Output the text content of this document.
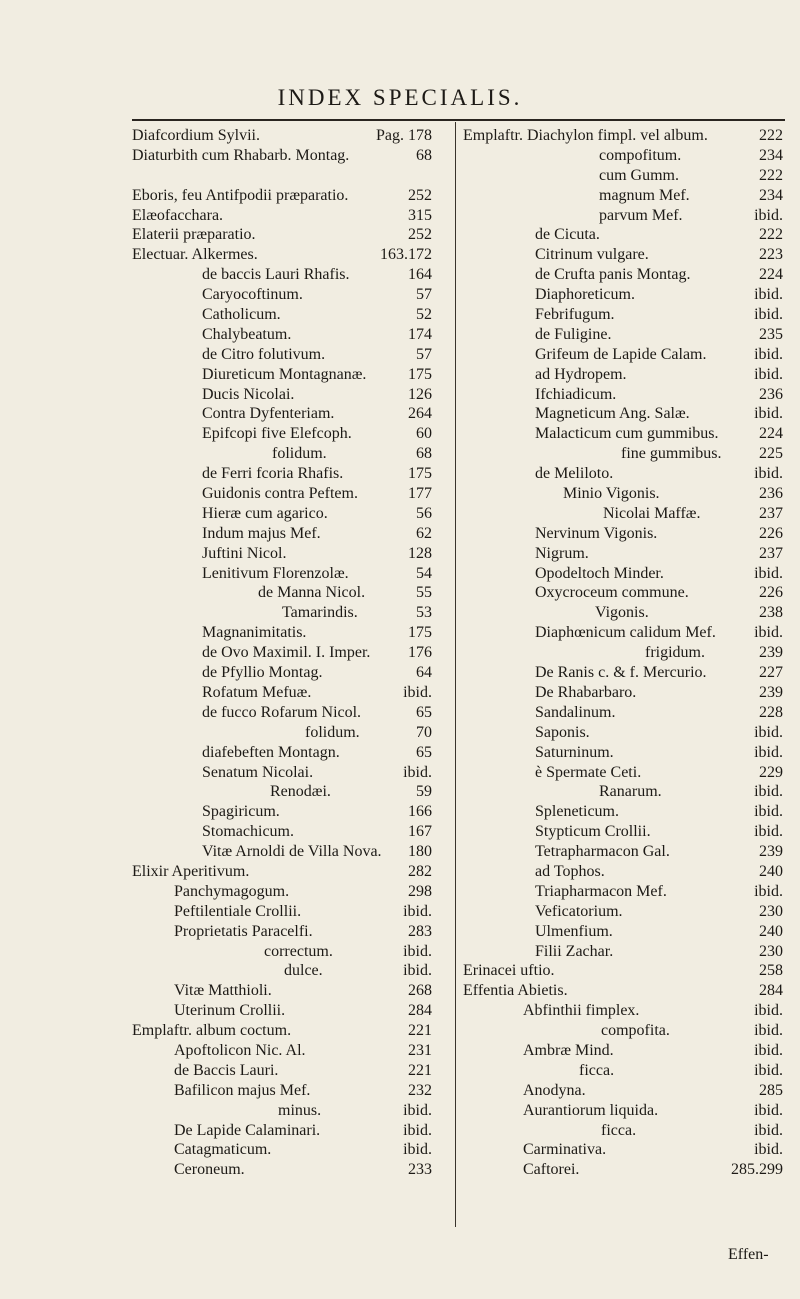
INDEX SPECIALIS.
Diafcordium Sylvii.	Pag. 178
Diaturbith cum Rhabarb. Montag.	68
Eboris, feu Antifpodii præparatio.	252
Elæofacchara.	315
Elaterii præparatio.	252
Electuar. Alkermes.	163.172
de baccis Lauri Rhafis.	164
Caryocoftinum.	57
Catholicum.	52
Chalybeatum.	174
de Citro folutivum.	57
Diureticum Montagnanæ.	175
Ducis Nicolai.	126
Contra Dyfenteriam.	264
Epifcopi five Elefcoph.	60
folidum.	68
de Ferri fcoria Rhafis.	175
Guidonis contra Peftem.	177
Hieræ cum agarico.	56
Indum majus Mef.	62
Juftini Nicol.	128
Lenitivum Florenzolæ.	54
de Manna Nicol.	55
Tamarindis.	53
Magnanimitatis.	175
de Ovo Maximil. I. Imper. 176
de Pfyllio Montag.	64
Rofatum Mefuæ.	ibid.
de fucco Rofarum Nicol.	65
folidum.	70
diafebeften Montagn.	65
Senatum Nicolai.	ibid.
Renodæi.	59
Spagiricum.	166
Stomachicum.	167
Vitæ Arnoldi de Villa Nova. 180
Elixir Aperitivum.	282
Panchymagogum.	298
Peftilentiale Crollii.	ibid.
Proprietatis Paracelfi.	283
correctum.	ibid.
dulce.	ibid.
Vitæ Matthioli.	268
Uterinum Crollii.	284
Emplaftr. album coctum.	221
Apoftolicon Nic. Al.	231
de Baccis Lauri.	221
Bafilicon majus Mef.	232
minus.	ibid.
De Lapide Calaminari.	ibid.
Catagmaticum.	ibid.
Ceroneum.	233
Emplaftr. Diachylon fimpl. vel album.	222
compofitum.	234
cum Gumm.	222
magnum Mef.	234
parvum Mef.	ibid.
de Cicuta.	222
Citrinum vulgare.	223
de Crufta panis Montag.	224
Diaphoreticum.	ibid.
Febrifugum.	ibid.
de Fuligine.	235
Grifeum de Lapide Calam.	ibid.
ad Hydropem.	ibid.
Ifchiadicum.	236
Magneticum Ang. Salæ.	ibid.
Malacticum cum gummibus.	224
fine gummibus. 225
de Meliloto.	ibid.
Minio Vigonis.	236
Nicolai Maffæ.	237
Nervinum Vigonis.	226
Nigrum.	237
Opodeltoch Minder.	ibid.
Oxycroceum commune.	226
Vigonis.	238
Diaphœnicum calidum Mef. ibid.
frigidum.	239
De Ranis c. & f. Mercurio.	227
De Rhabarbaro.	239
Sandalinum.	228
Saponis.	ibid.
Saturninum.	ibid.
è Spermate Ceti.	229
Ranarum.	ibid.
Spleneticum.	ibid.
Stypticum Crollii.	ibid.
Tetrapharmacon Gal.	239
ad Tophos.	240
Triapharmacon Mef.	ibid.
Veficatorium.	230
Ulmenfium.	240
Filii Zachar.	230
Erinacei uftio.	258
Effentia Abietis.	284
Abfinthii fimplex.	ibid.
compofita.	ibid.
Ambræ Mind.	ibid.
ficca.	ibid.
Anodyna.	285
Aurantiorum liquida.	ibid.
ficca.	ibid.
Carminativa.	ibid.
Caftorei.	285.299
Effen-
